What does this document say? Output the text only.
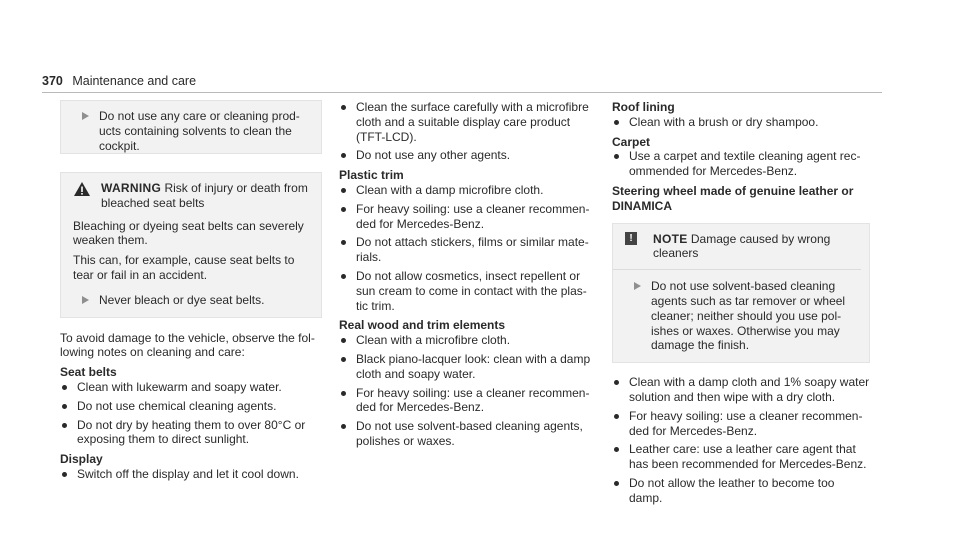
370 Maintenance and care

Do not use any care or cleaning prod-
ucts containing solvents to clean the
cockpit.

WARNING Risk of injury or death from
bleached seat belts

Bleaching or dyeing seat belts can severely
weaken them.

This can, for example, cause seat belts to
tear or fail in an accident.

Never bleach or dye seat belts.

To avoid damage to the vehicle, observe the fol-
lowing notes on cleaning and care:

Seat belts

Clean with lukewarm and soapy water.
Do not use chemical cleaning agents.
Do not dry by heating them to over 80°C or
exposing them to direct sunlight.

Display

Switch off the display and let it cool down.
Clean the surface carefully with a microfibre
cloth and a suitable display care product
(TFT-LCD).
Do not use any other agents.

Plastic trim

Clean with a damp microfibre cloth.
For heavy soiling: use a cleaner recommen-
ded for Mercedes-Benz.
Do not attach stickers, films or similar mate-
rials.
Do not allow cosmetics, insect repellent or
sun cream to come in contact with the plas-
tic trim.

Real wood and trim elements

Clean with a microfibre cloth.
Black piano-lacquer look: clean with a damp
cloth and soapy water.
For heavy soiling: use a cleaner recommen-
ded for Mercedes-Benz.
Do not use solvent-based cleaning agents,
polishes or waxes.

Roof lining

Clean with a brush or dry shampoo.

Carpet

Use a carpet and textile cleaning agent rec-
ommended for Mercedes-Benz.

Steering wheel made of genuine leather or
DINAMICA

!	NOTE Damage caused by wrong cleaners

Do not use solvent-based cleaning
agents such as tar remover or wheel
cleaner; neither should you use pol-
ishes or waxes. Otherwise you may
damage the finish.

Clean with a damp cloth and 1% soapy water
solution and then wipe with a dry cloth.
For heavy soiling: use a cleaner recommen-
ded for Mercedes-Benz.
Leather care: use a leather care agent that
has been recommended for Mercedes-Benz.
Do not allow the leather to become too
damp.
